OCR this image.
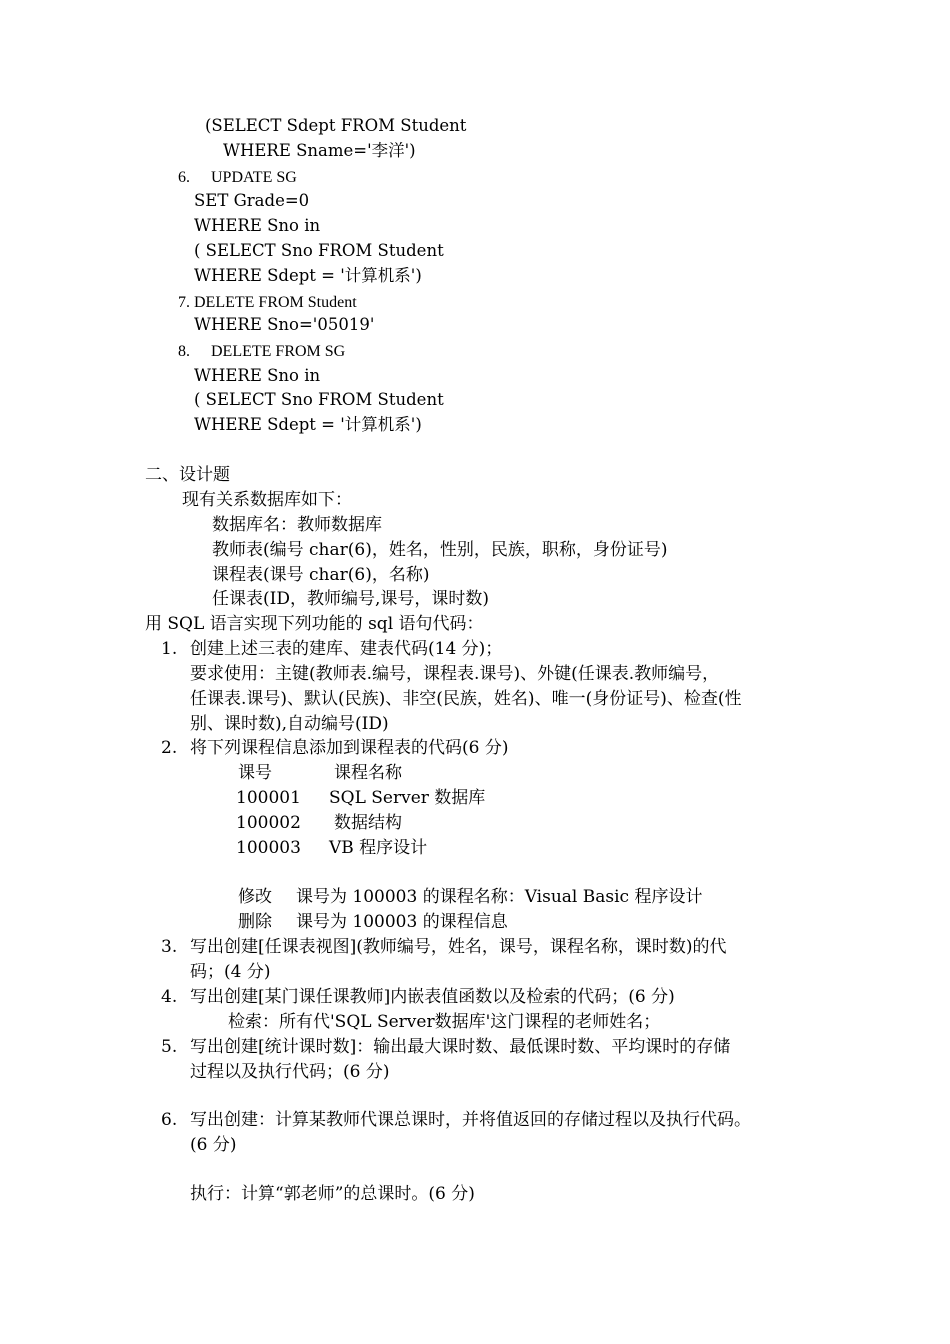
(SELECT Sdept FROM Student
WHERE Sname='李洋')
6. UPDATE SG
SET Grade=0
WHERE Sno in
( SELECT Sno FROM Student
WHERE Sdept = '计算机系')
7. DELETE FROM Student
WHERE Sno='05019'
8. DELETE FROM SG
WHERE Sno in
( SELECT Sno FROM Student
WHERE Sdept = '计算机系')
二、设计题
现有关系数据库如下：
数据库名：教师数据库
教师表(编号 char(6)，姓名，性别，民族，职称，身份证号)
课程表(课号 char(6)，名称)
任课表(ID，教师编号,课号，课时数)
用 SQL 语言实现下列功能的 sql 语句代码：
1. 创建上述三表的建库、建表代码(14 分)；
要求使用：主键(教师表.编号，课程表.课号)、外键(任课表.教师编号，
任课表.课号)、默认(民族)、非空(民族，姓名)、唯一(身份证号)、检查(性
别、课时数),自动编号(ID)
2. 将下列课程信息添加到课程表的代码(6 分)
课号	课程名称
100001 SQL Server 数据库
100002 数据结构
100003 VB 程序设计
修改 课号为 100003 的课程名称：Visual Basic 程序设计
删除 课号为 100003 的课程信息
3. 写出创建[任课表视图](教师编号，姓名，课号，课程名称，课时数)的代
码；(4 分)
4. 写出创建[某门课任课教师]内嵌表值函数以及检索的代码；(6 分)
检索：所有代'SQL Server数据库'这门课程的老师姓名；
5. 写出创建[统计课时数]：输出最大课时数、最低课时数、平均课时的存储
过程以及执行代码；(6 分)
6. 写出创建：计算某教师代课总课时，并将值返回的存储过程以及执行代码。
(6 分)
执行：计算“郭老师”的总课时。(6 分)
